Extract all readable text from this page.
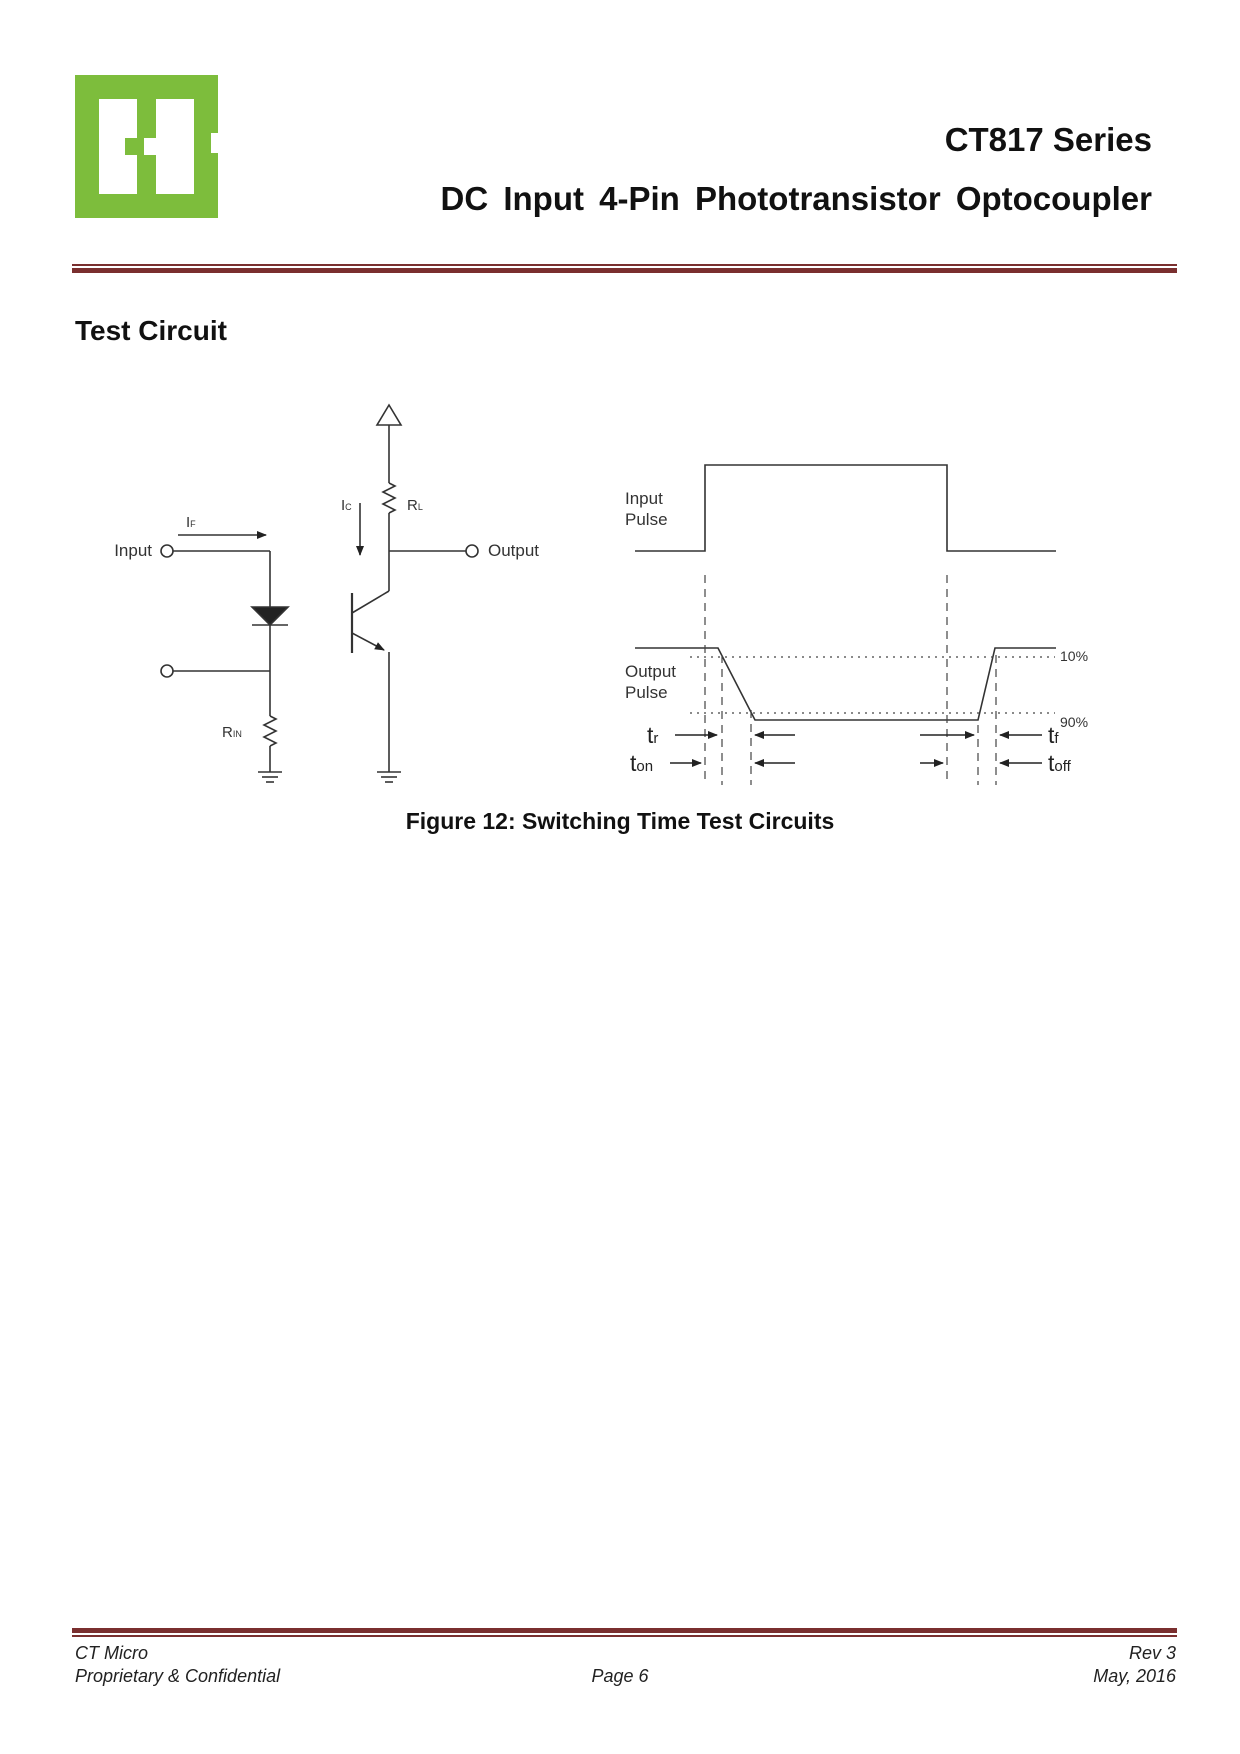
CT817 Series
DC Input 4-Pin Phototransistor Optocoupler
Test Circuit
Input	Output
IF
IC	RL
RIN
Input
Pulse
Output
Pulse
10%
90%
tr
ton
tf
toff
Figure 12: Switching Time Test Circuits
CT Micro
Proprietary & Confidential	Page 6
Rev 3
May, 2016
